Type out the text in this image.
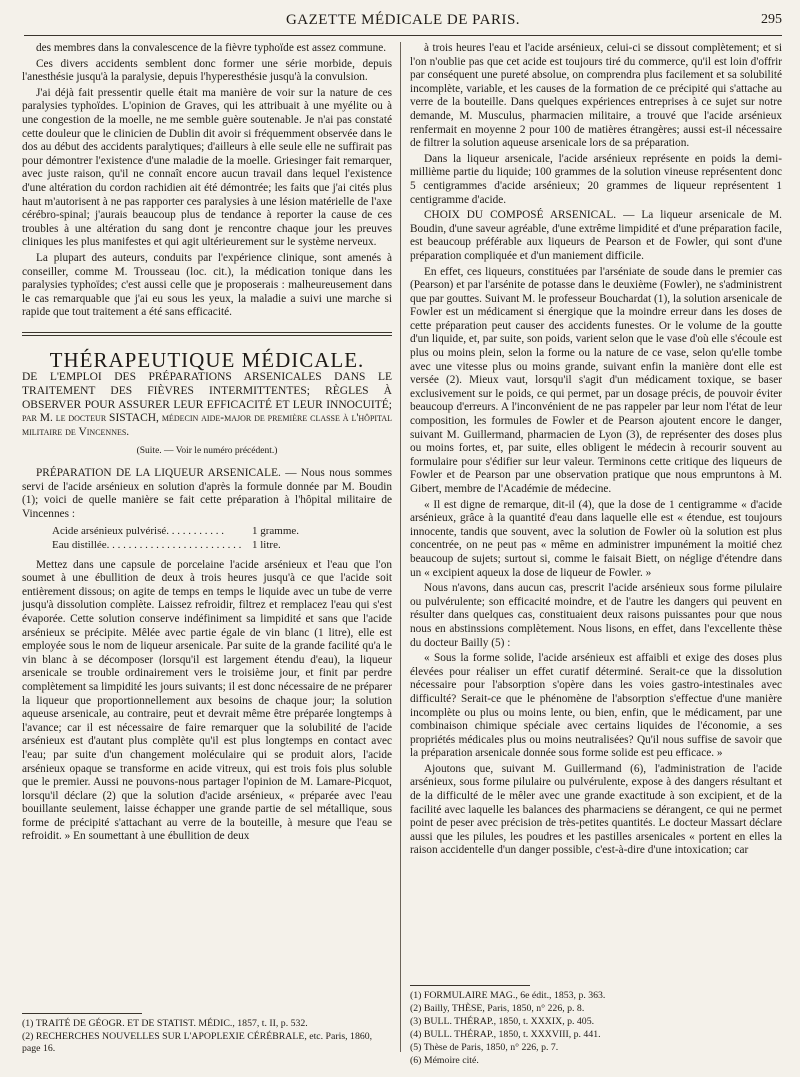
GAZETTE MÉDICALE DE PARIS.	295

des membres dans la convalescence de la fièvre typhoïde est assez commune.

Ces divers accidents semblent donc former une série morbide, depuis l'anesthésie jusqu'à la paralysie, depuis l'hyperesthésie jusqu'à la convulsion.

J'ai déjà fait pressentir quelle était ma manière de voir sur la nature de ces paralysies typhoïdes. L'opinion de Graves, qui les attribuait à une myélite ou à une congestion de la moelle, ne me semble guère soutenable. Je n'ai pas constaté cette douleur que le clinicien de Dublin dit avoir si fréquemment observée dans le dos au début des accidents paralytiques; d'ailleurs à elle seule elle ne suffirait pas pour démontrer l'existence d'une maladie de la moelle. Griesinger fait remarquer, avec juste raison, qu'il ne connaît encore aucun travail dans lequel l'existence d'une altération du cordon rachidien ait été démontrée; les faits que j'ai cités plus haut m'autorisent à ne pas rapporter ces paralysies à une lésion matérielle de l'axe cérébro-spinal; j'aurais beaucoup plus de tendance à reporter la cause de ces troubles à une altération du sang dont je rencontre chaque jour les preuves cliniques les plus manifestes et qui agit ultérieurement sur le système nerveux.

La plupart des auteurs, conduits par l'expérience clinique, sont amenés à conseiller, comme M. Trousseau (loc. cit.), la médication tonique dans les paralysies typhoïdes; c'est aussi celle que je proposerais : malheureusement dans le cas remarquable que j'ai eu sous les yeux, la maladie a suivi une marche si rapide que tout traitement a été sans efficacité.

THÉRAPEUTIQUE MÉDICALE.

DE L'EMPLOI DES PRÉPARATIONS ARSENICALES DANS LE TRAITEMENT DES FIÈVRES INTERMITTENTES; RÈGLES À OBSERVER POUR ASSURER LEUR EFFICACITÉ ET LEUR INNOCUITÉ; par M. le docteur SISTACH, médecin aide-major de première classe à l'hôpital militaire de Vincennes.

(Suite. — Voir le numéro précédent.)

PRÉPARATION DE LA LIQUEUR ARSENICALE. — Nous nous sommes servi de l'acide arsénieux en solution d'après la formule donnée par M. Boudin (1); voici de quelle manière se fait cette préparation à l'hôpital militaire de Vincennes :

Acide arsénieux pulvérisé. . . . . . . . . . .	1 gramme.
Eau distillée. . . . . . . . . . . . . . . . . . . . . . . . . 1 litre.

Mettez dans une capsule de porcelaine l'acide arsénieux et l'eau que l'on soumet à une ébullition de deux à trois heures jusqu'à ce que l'acide soit entièrement dissous; on agite de temps en temps le liquide avec un tube de verre jusqu'à dissolution complète. Laissez refroidir, filtrez et remplacez l'eau qui s'est évaporée. Cette solution conserve indéfiniment sa limpidité et sans que l'acide arsénieux se précipite. Mêlée avec partie égale de vin blanc (1 litre), elle est employée sous le nom de liqueur arsenicale. Par suite de la grande facilité qu'a le vin blanc à se décomposer (lorsqu'il est largement étendu d'eau), la liqueur arsenicale se trouble ordinairement vers le troisième jour, et finit par perdre complètement sa limpidité les jours suivants; il est donc nécessaire de ne préparer la liqueur que proportionnellement aux besoins de chaque jour; la solution aqueuse arsenicale, au contraire, peut et devrait même être préparée longtemps à l'avance; car il est nécessaire de faire remarquer que la solubilité de l'acide arsénieux est d'autant plus complète qu'il est plus longtemps en contact avec l'eau; par suite d'un changement moléculaire qui se produit alors, l'acide arsénieux opaque se transforme en acide vitreux, qui est trois fois plus soluble que le premier. Aussi ne pouvons-nous partager l'opinion de M. Lamare-Picquot, lorsqu'il déclare (2) que la solution d'acide arsénieux, « préparée avec l'eau bouillante seulement, laisse échapper une grande partie de sel métallique, sous forme de précipité s'attachant au verre de la bouteille, à mesure que l'eau se refroidit. » En soumettant à une ébullition de deux

(1) TRAITÉ DE GÉOGR. ET DE STATIST. MÉDIC., 1857, t. II, p. 532.
(2) RECHERCHES NOUVELLES SUR L'APOPLEXIE CÉRÉBRALE, etc. Paris, 1860, page 16.

à trois heures l'eau et l'acide arsénieux, celui-ci se dissout complètement; et si l'on n'oublie pas que cet acide est toujours tiré du commerce, qu'il est loin d'offrir par conséquent une pureté absolue, on comprendra plus facilement et sa solubilité incomplète, variable, et les causes de la formation de ce précipité qui s'attache au verre de la bouteille. Dans quelques expériences entreprises à ce sujet sur notre demande, M. Musculus, pharmacien militaire, a trouvé que l'acide arsénieux renfermait en moyenne 2 pour 100 de matières étrangères; aussi est-il nécessaire de filtrer la solution aqueuse arsenicale lors de sa préparation.

Dans la liqueur arsenicale, l'acide arsénieux représente en poids la demi-millième partie du liquide; 100 grammes de la solution vineuse représentent donc 5 centigrammes d'acide arsénieux; 20 grammes de liqueur représentent 1 centigramme d'acide.

CHOIX DU COMPOSÉ ARSENICAL. — La liqueur arsenicale de M. Boudin, d'une saveur agréable, d'une extrême limpidité et d'une préparation facile, est beaucoup préférable aux liqueurs de Pearson et de Fowler, qui sont d'une préparation compliquée et d'un maniement difficile.

En effet, ces liqueurs, constituées par l'arséniate de soude dans le premier cas (Pearson) et par l'arsénite de potasse dans le deuxième (Fowler), ne s'administrent que par gouttes. Suivant M. le professeur Bouchardat (1), la solution arsenicale de Fowler est un médicament si énergique que la moindre erreur dans les doses de cette préparation peut causer des accidents funestes. Or le volume de la goutte d'un liquide, et, par suite, son poids, varient selon que le vase d'où elle s'écoule est plus ou moins plein, selon la forme ou la nature de ce vase, selon qu'elle tombe avec une vitesse plus ou moins grande, suivant enfin la manière dont elle est versée (2). Mieux vaut, lorsqu'il s'agit d'un médicament toxique, se baser exclusivement sur le poids, ce qui permet, par un dosage précis, de pouvoir éviter beaucoup d'erreurs. A l'inconvénient de ne pas rappeler par leur nom l'état de leur composition, les formules de Fowler et de Pearson ajoutent encore le danger, suivant M. Guillermand, pharmacien de Lyon (3), de représenter des doses plus ou moins fortes, et, par suite, elles obligent le médecin à recourir souvent au formulaire pour s'édifier sur leur valeur. Terminons cette critique des liqueurs de Fowler et de Pearson par une observation pratique que nous empruntons à M. Gibert, membre de l'Académie de médecine.

« Il est digne de remarque, dit-il (4), que la dose de 1 centigramme « d'acide arsénieux, grâce à la quantité d'eau dans laquelle elle est « étendue, est toujours innocente, tandis que souvent, avec la solution de Fowler où la solution est plus concentrée, on ne peut pas « même en administrer impunément la moitié chez beaucoup de sujets; surtout si, comme le faisait Biett, on néglige d'étendre dans un « excipient aqueux la dose de liqueur de Fowler. »

Nous n'avons, dans aucun cas, prescrit l'acide arsénieux sous forme pilulaire ou pulvérulente; son efficacité moindre, et de l'autre les dangers qui peuvent en résulter dans quelques cas, constituaient deux raisons puissantes pour que nous nous en abstinssions complètement. Nous lisons, en effet, dans l'excellente thèse du docteur Bailly (5) :

« Sous la forme solide, l'acide arsénieux est affaibli et exige des doses plus élevées pour réaliser un effet curatif déterminé. Serait-ce que la dissolution nécessaire pour l'absorption s'opère dans les voies gastro-intestinales avec difficulté? Serait-ce que le phénomène de l'absorption s'effectue d'une manière incomplète ou plus ou moins lente, ou bien, enfin, que le médicament, par une combinaison chimique spéciale avec certains liquides de l'économie, a ses propriétés médicales plus ou moins neutralisées? Qu'il nous suffise de savoir que la préparation arsenicale donnée sous forme solide est peu efficace. »

Ajoutons que, suivant M. Guillermand (6), l'administration de l'acide arsénieux, sous forme pilulaire ou pulvérulente, expose à des dangers résultant et de la difficulté de le mêler avec une grande exactitude à son excipient, et de la facilité avec laquelle les balances des pharmaciens se dérangent, ce qui ne permet point de peser avec précision de très-petites quantités. Le docteur Massart déclare aussi que les pilules, les poudres et les pastilles arsenicales « portent en elles la raison accidentelle d'un danger possible, c'est-à-dire d'une intoxication; car

(1) FORMULAIRE MAG., 6e édit., 1853, p. 363.
(2) Bailly, THÈSE, Paris, 1850, n° 226, p. 8.
(3) BULL. THÉRAP., 1850, t. XXXIX, p. 405.
(4) BULL. THÉRAP., 1850, t. XXXVIII, p. 441.
(5) Thèse de Paris, 1850, n° 226, p. 7.
(6) Mémoire cité.
